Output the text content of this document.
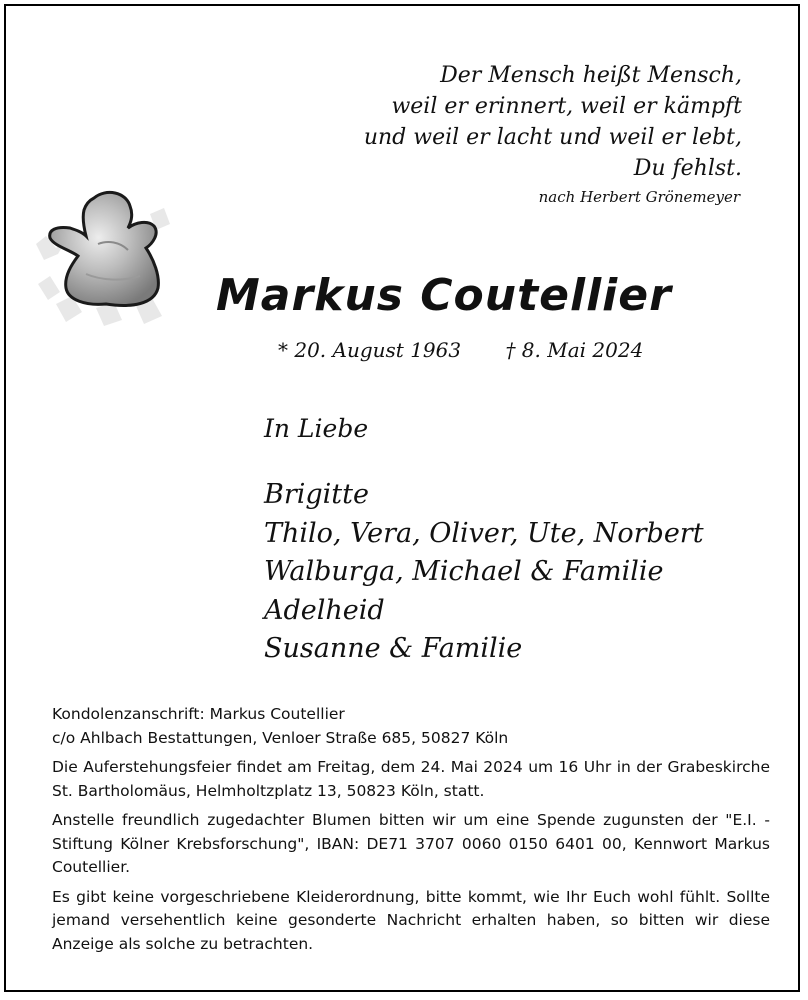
Der Mensch heißt Mensch,
weil er erinnert, weil er kämpft
und weil er lacht und weil er lebt,
Du fehlst.
nach Herbert Grönemeyer
Markus Coutellier
* 20. August 1963 † 8. Mai 2024
In Liebe
Brigitte
Thilo, Vera, Oliver, Ute, Norbert
Walburga, Michael & Familie
Adelheid
Susanne & Familie

Kondolenzanschrift: Markus Coutellier
c/o Ahlbach Bestattungen, Venloer Straße 685, 50827 Köln

Die Auferstehungsfeier findet am Freitag, dem 24. Mai 2024 um 16 Uhr in der Grabeskirche St. Bartholomäus, Helmholtzplatz 13, 50823 Köln, statt.

Anstelle freundlich zugedachter Blumen bitten wir um eine Spende zugunsten der "E.I. - Stiftung Kölner Krebsforschung", IBAN: DE71 3707 0060 0150 6401 00, Kennwort Markus Coutellier.

Es gibt keine vorgeschriebene Kleiderordnung, bitte kommt, wie Ihr Euch wohl fühlt. Sollte jemand versehentlich keine gesonderte Nachricht erhalten haben, so bitten wir diese Anzeige als solche zu betrachten.
